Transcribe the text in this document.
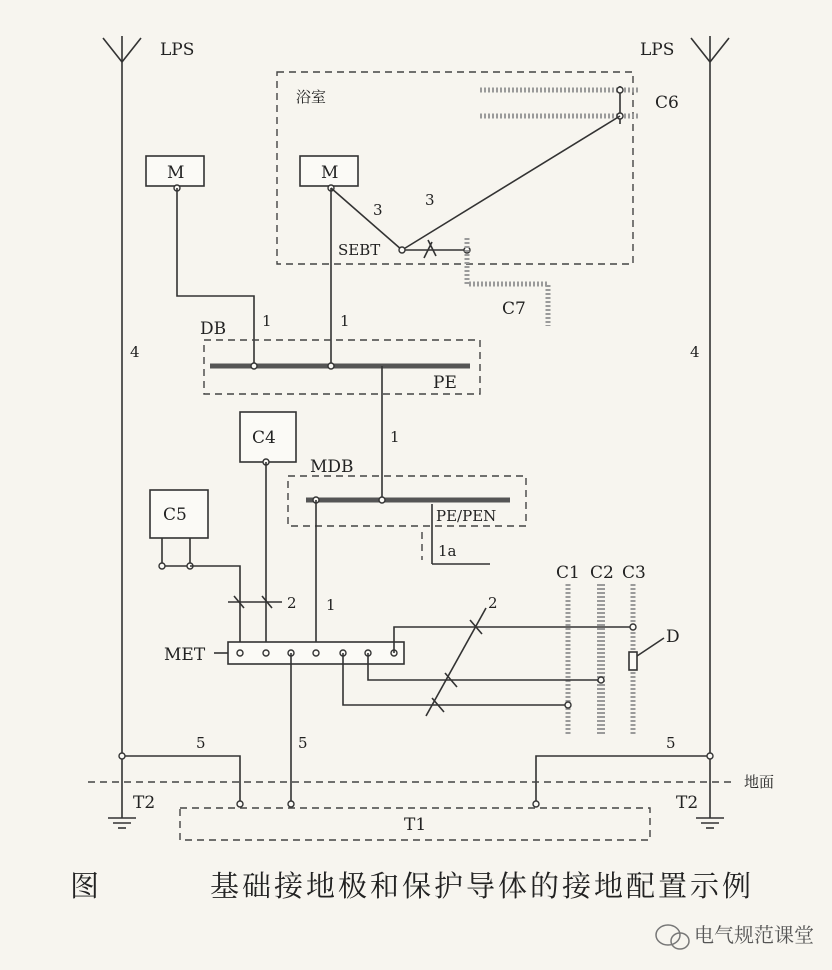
LPS	LPS
浴室	C6
M	M
3
3
SEBT
C7
1	1
DB
PE
4	4
1
C4
MDB
PE/PEN
1a
C5
2 1
MET
C1 C2 C3
D
2
5	5	5
地面
T2	T2
T1
图	基础接地极和保护导体的接地配置示例
电气规范课堂
